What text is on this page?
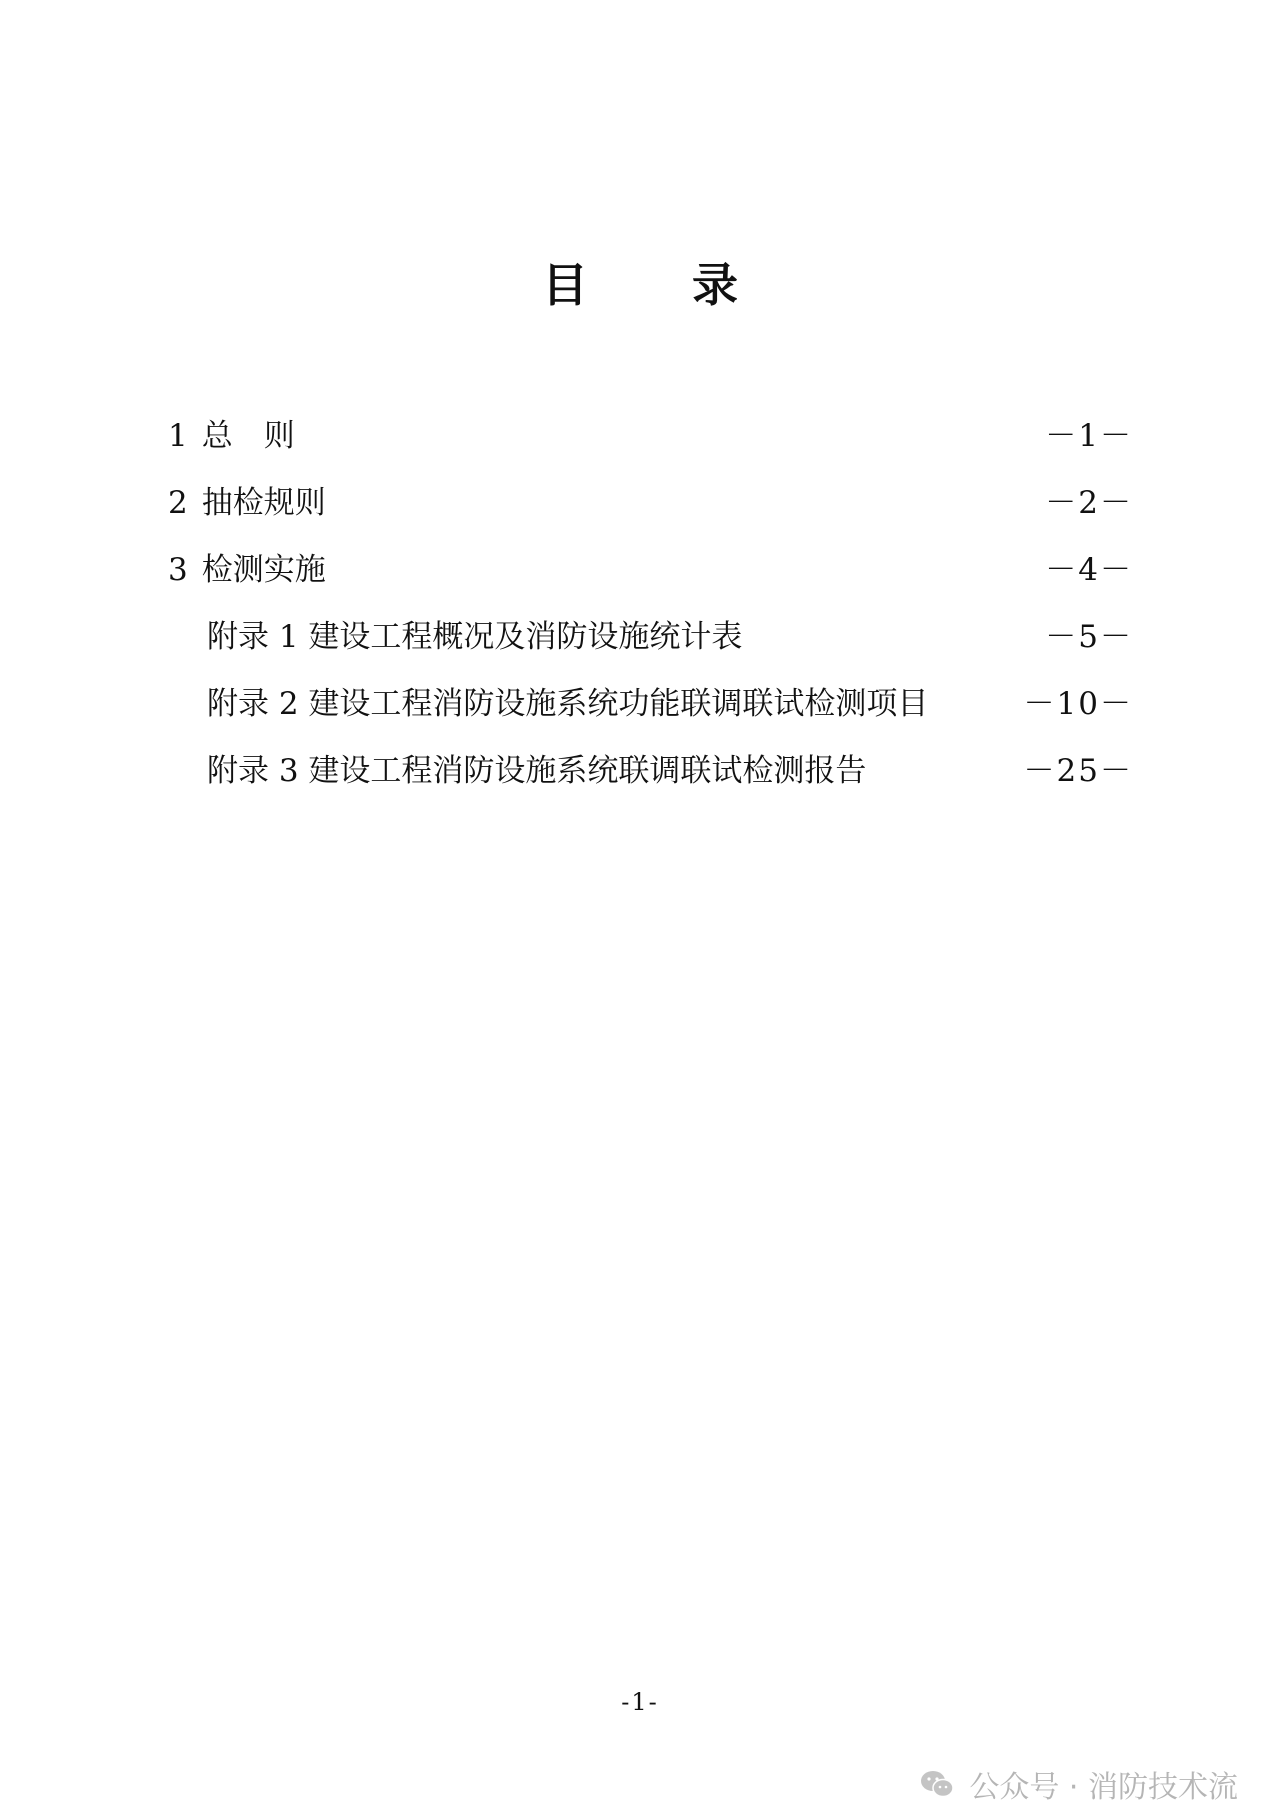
目 录
1 总　则	－1－
2 抽检规则	－2－
3 检测实施	－4－
附录 1 建设工程概况及消防设施统计表	－5－
附录 2 建设工程消防设施系统功能联调联试检测项目	－10－
附录 3 建设工程消防设施系统联调联试检测报告	－25－
-1-
公众号 · 消防技术流
